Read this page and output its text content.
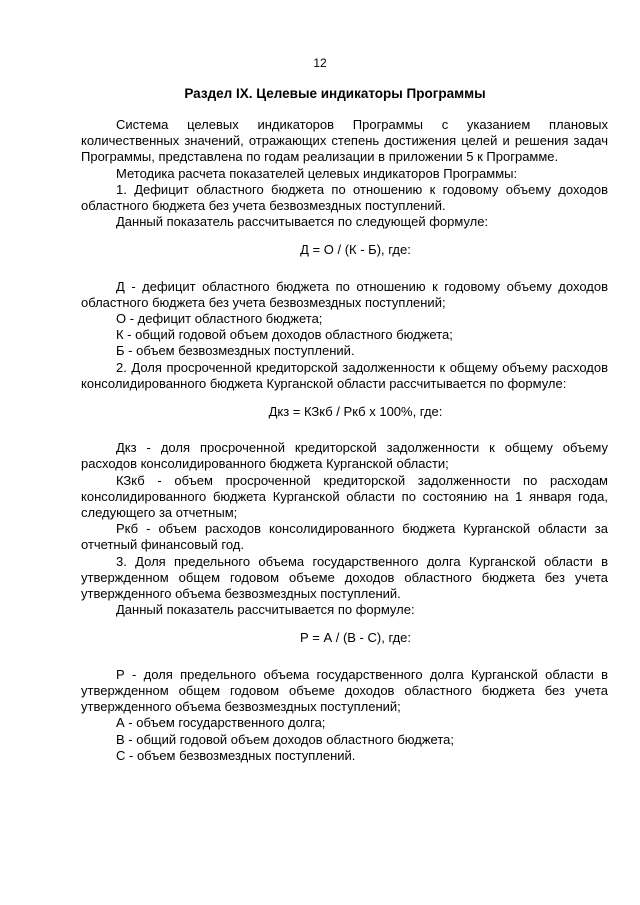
12
Раздел IX. Целевые индикаторы Программы

Система целевых индикаторов Программы с указанием плановых количественных значений, отражающих степень достижения целей и решения задач Программы, представлена по годам реализации в приложении 5 к Программе.

Методика расчета показателей целевых индикаторов Программы:

1. Дефицит областного бюджета по отношению к годовому объему доходов областного бюджета без учета безвозмездных поступлений.

Данный показатель рассчитывается по следующей формуле:

Д = О / (К - Б), где:

Д - дефицит областного бюджета по отношению к годовому объему доходов областного бюджета без учета безвозмездных поступлений;

О - дефицит областного бюджета;

К - общий годовой объем доходов областного бюджета;

Б - объем безвозмездных поступлений.

2. Доля просроченной кредиторской задолженности к общему объему расходов консолидированного бюджета Курганской области рассчитывается по формуле:

Дкз = КЗкб / Ркб х 100%, где:

Дкз - доля просроченной кредиторской задолженности к общему объему расходов консолидированного бюджета Курганской области;

КЗкб - объем просроченной кредиторской задолженности по расходам консолидированного бюджета Курганской области по состоянию на 1 января года, следующего за отчетным;

Ркб - объем расходов консолидированного бюджета Курганской области за отчетный финансовый год.

3. Доля предельного объема государственного долга Курганской области в утвержденном общем годовом объеме доходов областного бюджета без учета утвержденного объема безвозмездных поступлений.

Данный показатель рассчитывается по формуле:

Р = А / (В - С), где:

Р - доля предельного объема государственного долга Курганской области в утвержденном общем годовом объеме доходов областного бюджета без учета утвержденного объема безвозмездных поступлений;

А - объем государственного долга;

В - общий годовой объем доходов областного бюджета;

С - объем безвозмездных поступлений.
